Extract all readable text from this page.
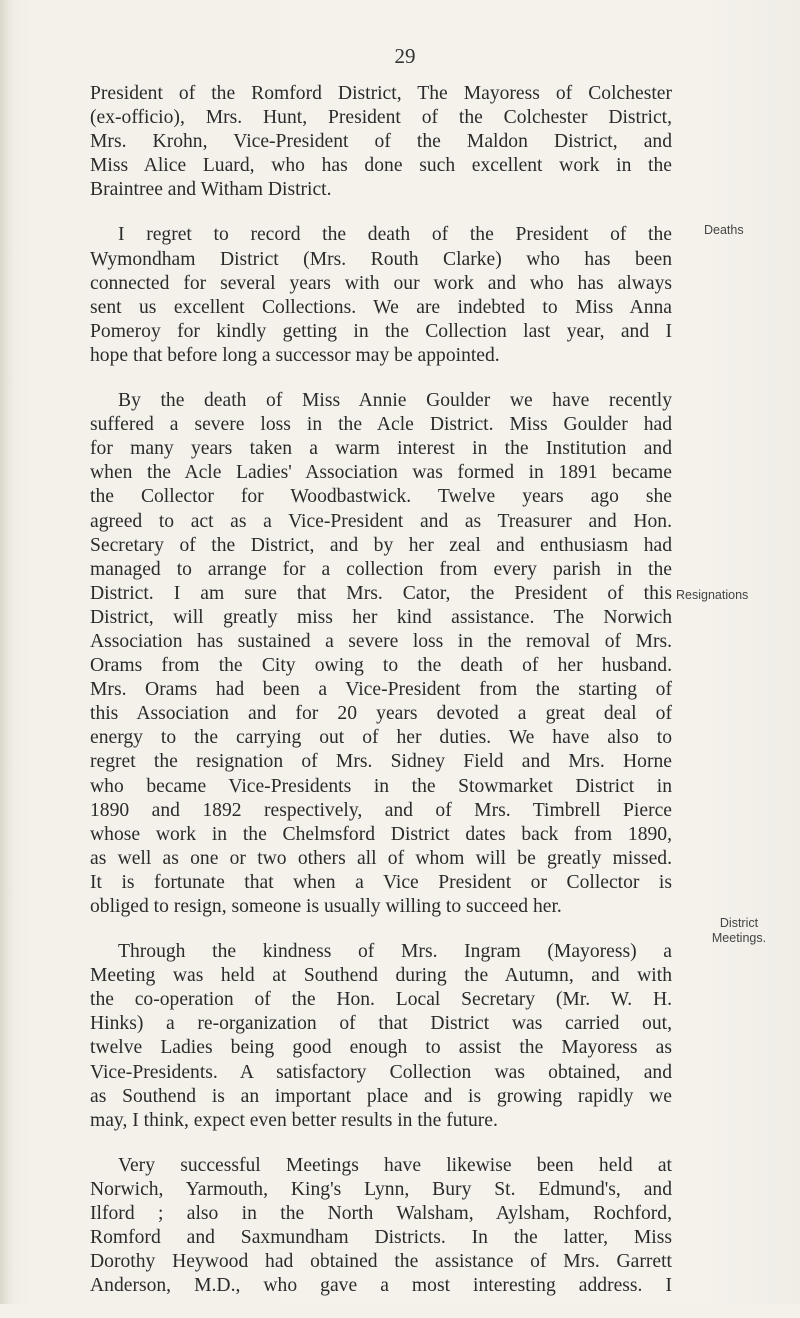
29

President of the Romford District, The Mayoress of Colchester
(ex-officio), Mrs. Hunt, President of the Colchester District,
Mrs. Krohn, Vice-President of the Maldon District, and
Miss Alice Luard, who has done such excellent work in the
Braintree and Witham District.

I regret to record the death of the President of the
Wymondham District (Mrs. Routh Clarke) who has been
connected for several years with our work and who has always
sent us excellent Collections. We are indebted to Miss Anna
Pomeroy for kindly getting in the Collection last year, and I
hope that before long a successor may be appointed.

By the death of Miss Annie Goulder we have recently
suffered a severe loss in the Acle District. Miss Goulder had
for many years taken a warm interest in the Institution and
when the Acle Ladies' Association was formed in 1891 became
the Collector for Woodbastwick. Twelve years ago she
agreed to act as a Vice-President and as Treasurer and Hon.
Secretary of the District, and by her zeal and enthusiasm had
managed to arrange for a collection from every parish in the
District. I am sure that Mrs. Cator, the President of this
District, will greatly miss her kind assistance. The Norwich
Association has sustained a severe loss in the removal of Mrs.
Orams from the City owing to the death of her husband.
Mrs. Orams had been a Vice-President from the starting of
this Association and for 20 years devoted a great deal of
energy to the carrying out of her duties. We have also to
regret the resignation of Mrs. Sidney Field and Mrs. Horne
who became Vice-Presidents in the Stowmarket District in
1890 and 1892 respectively, and of Mrs. Timbrell Pierce
whose work in the Chelmsford District dates back from 1890,
as well as one or two others all of whom will be greatly missed.
It is fortunate that when a Vice President or Collector is
obliged to resign, someone is usually willing to succeed her.

Through the kindness of Mrs. Ingram (Mayoress) a
Meeting was held at Southend during the Autumn, and with
the co-operation of the Hon. Local Secretary (Mr. W. H.
Hinks) a re-organization of that District was carried out,
twelve Ladies being good enough to assist the Mayoress as
Vice-Presidents. A satisfactory Collection was obtained, and
as Southend is an important place and is growing rapidly we
may, I think, expect even better results in the future.

Very successful Meetings have likewise been held at
Norwich, Yarmouth, King's Lynn, Bury St. Edmund's, and
Ilford ; also in the North Walsham, Aylsham, Rochford,
Romford and Saxmundham Districts. In the latter, Miss
Dorothy Heywood had obtained the assistance of Mrs. Garrett
Anderson, M.D., who gave a most interesting address. I

Deaths
Resignations
District
Meetings.
